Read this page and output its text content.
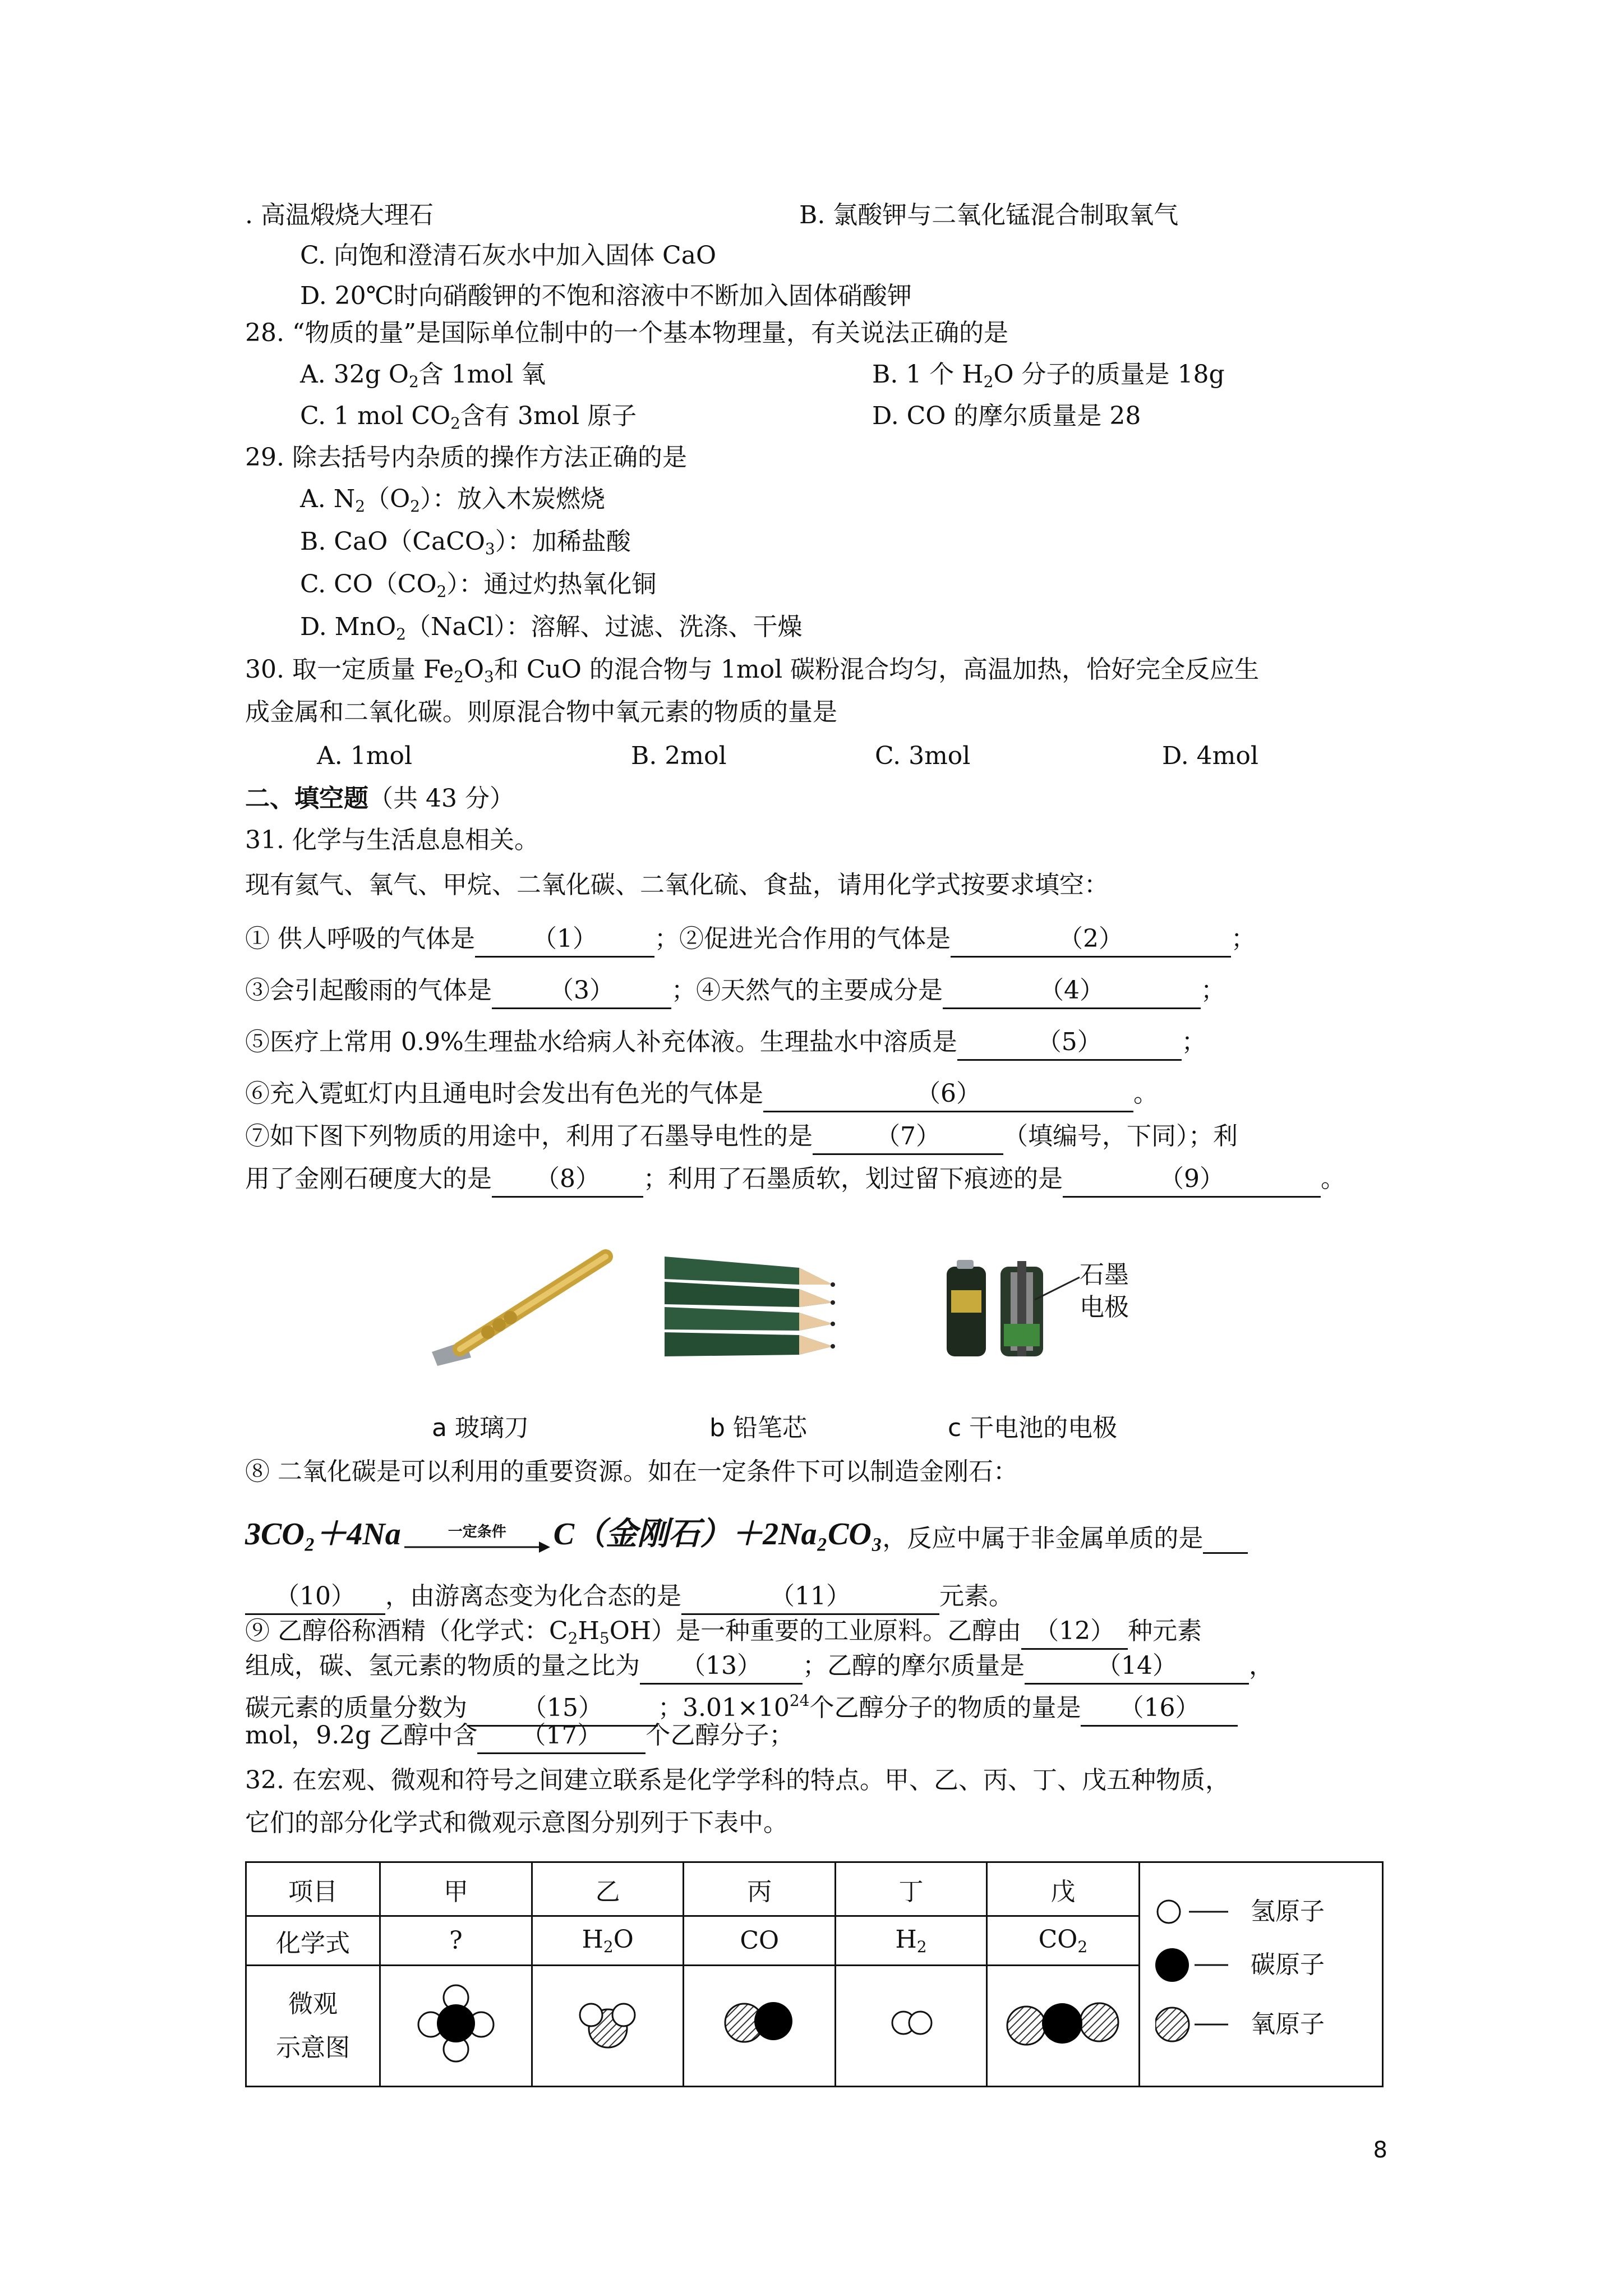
. 高温煅烧大理石	B. 氯酸钾与二氧化锰混合制取氧气
C. 向饱和澄清石灰水中加入固体 CaO
D. 20℃时向硝酸钾的不饱和溶液中不断加入固体硝酸钾
28. “物质的量”是国际单位制中的一个基本物理量，有关说法正确的是
A. 32g $O_2$含 1mol 氧	B. 1 个 $H_2O$ 分子的质量是 18g
C. 1 mol $CO_2$含有 3mol 原子	D. CO 的摩尔质量是 28
29. 除去括号内杂质的操作方法正确的是
A. $N_2(O_2)$：放入木炭燃烧
B. CaO（CaCO$_3$）：加稀盐酸
C. $CO(CO_2)$：通过灼热氧化铜
D. MnO$_2$（NaCl）：溶解、过滤、洗涤、干燥
30. 取一定质量 $Fe_2O_3$和 CuO 的混合物与 1mol 碳粉混合均匀，高温加热，恰好完全反应生
成金属和二氧化碳。则原混合物中氧元素的物质的量是
A. 1mol	B. 2mol	C. 3mol	D. 4mol
二、填空题（共 43 分）
31. 化学与生活息息相关。
现有氦气、氧气、甲烷、二氧化碳、二氧化硫、食盐，请用化学式按要求填空：
① 供人呼吸的气体是 （1） ；②促进光合作用的气体是	（2）	；
③会引起酸雨的气体是 （3） ；④天然气的主要成分是	（4）	；
⑤医疗上常用 0.9%生理盐水给病人补充体液。生理盐水中溶质是	（5）	；
⑥充入霓虹灯内且通电时会发出有色光的气体是	（6）	。
⑦如下图下列物质的用途中，利用了石墨导电性的是	（7）	（填编号，下同）；利
用了金刚石硬度大的是 （8） ；利用了石墨质软，划过留下痕迹的是	（9）	。
石墨
电极
a 玻璃刀	b 铅笔芯	c 干电池的电极
⑧ 二氧化碳是可以利用的重要资源。如在一定条件下可以制造金刚石：
3CO₂＋4Na	一定条件 C（金刚石）＋2Na₂CO₃ ，反应中属于非金属单质的是
（10） ，由游离态变为化合态的是	（11）	元素。
⑨ 乙醇俗称酒精（化学式：$C_2H_5OH$）是一种重要的工业原料。乙醇由 （12） 种元素
组成，碳、氢元素的物质的量之比为 （13） ；乙醇的摩尔质量是	（14）	，
碳元素的质量分数为 （15） ；$3.01\times 10^{24}$个乙醇分子的物质的量是 （16）
mol，9.2g 乙醇中含 （17） 个乙醇分子；
32. 在宏观、微观和符号之间建立联系是化学学科的特点。甲、乙、丙、丁、戊五种物质，
它们的部分化学式和微观示意图分别列于下表中。
项目	甲	乙	丙	丁	戊	
化学式	?	$H_2O$	CO	$H_2$	$CO_2$

微观
示意图

氢原子
碳原子
氧原子
8
